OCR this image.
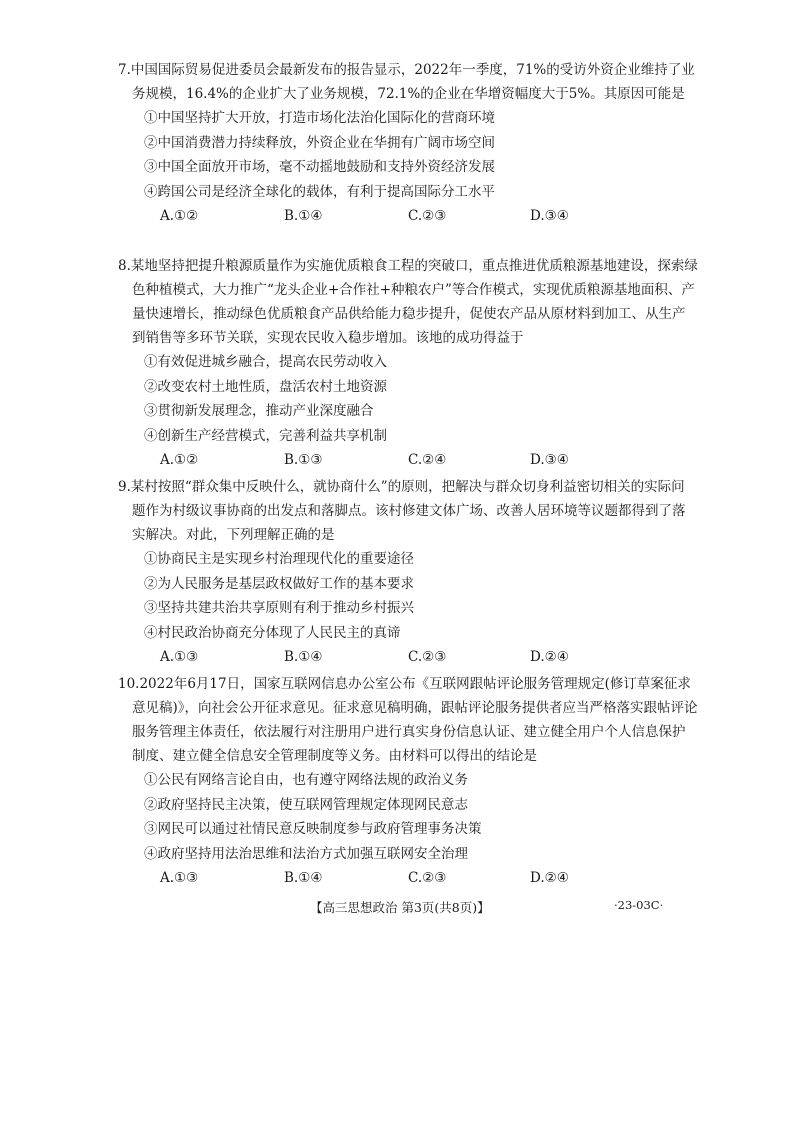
7.中国国际贸易促进委员会最新发布的报告显示，2022年一季度，71%的受访外资企业维持了业务规模，16.4%的企业扩大了业务规模，72.1%的企业在华增资幅度大于5%。其原因可能是

①中国坚持扩大开放，打造市场化法治化国际化的营商环境

②中国消费潜力持续释放，外资企业在华拥有广阔市场空间

③中国全面放开市场，毫不动摇地鼓励和支持外资经济发展

④跨国公司是经济全球化的载体，有利于提高国际分工水平

A.①②	B.①④	C.②③	D.③④

8.某地坚持把提升粮源质量作为实施优质粮食工程的突破口，重点推进优质粮源基地建设，探索绿色种植模式，大力推广“龙头企业+合作社+种粮农户”等合作模式，实现优质粮源基地面积、产量快速增长，推动绿色优质粮食产品供给能力稳步提升，促使农产品从原材料到加工、从生产到销售等多环节关联，实现农民收入稳步增加。该地的成功得益于

①有效促进城乡融合，提高农民劳动收入

②改变农村土地性质，盘活农村土地资源

③贯彻新发展理念，推动产业深度融合

④创新生产经营模式，完善利益共享机制

A.①②	B.①③	C.②④	D.③④

9.某村按照“群众集中反映什么，就协商什么”的原则，把解决与群众切身利益密切相关的实际问题作为村级议事协商的出发点和落脚点。该村修建文体广场、改善人居环境等议题都得到了落实解决。对此，下列理解正确的是

①协商民主是实现乡村治理现代化的重要途径

②为人民服务是基层政权做好工作的基本要求

③坚持共建共治共享原则有利于推动乡村振兴

④村民政治协商充分体现了人民民主的真谛

A.①③	B.①④	C.②③	D.②④

10.2022年6月17日，国家互联网信息办公室公布《互联网跟帖评论服务管理规定(修订草案征求意见稿)》，向社会公开征求意见。征求意见稿明确，跟帖评论服务提供者应当严格落实跟帖评论服务管理主体责任，依法履行对注册用户进行真实身份信息认证、建立健全用户个人信息保护制度、建立健全信息安全管理制度等义务。由材料可以得出的结论是

①公民有网络言论自由，也有遵守网络法规的政治义务

②政府坚持民主决策，使互联网管理规定体现网民意志

③网民可以通过社情民意反映制度参与政府管理事务决策

④政府坚持用法治思维和法治方式加强互联网安全治理

A.①③	B.①④	C.②③	D.②④
【高三思想政治 第3页(共8页)】	·23-03C·
